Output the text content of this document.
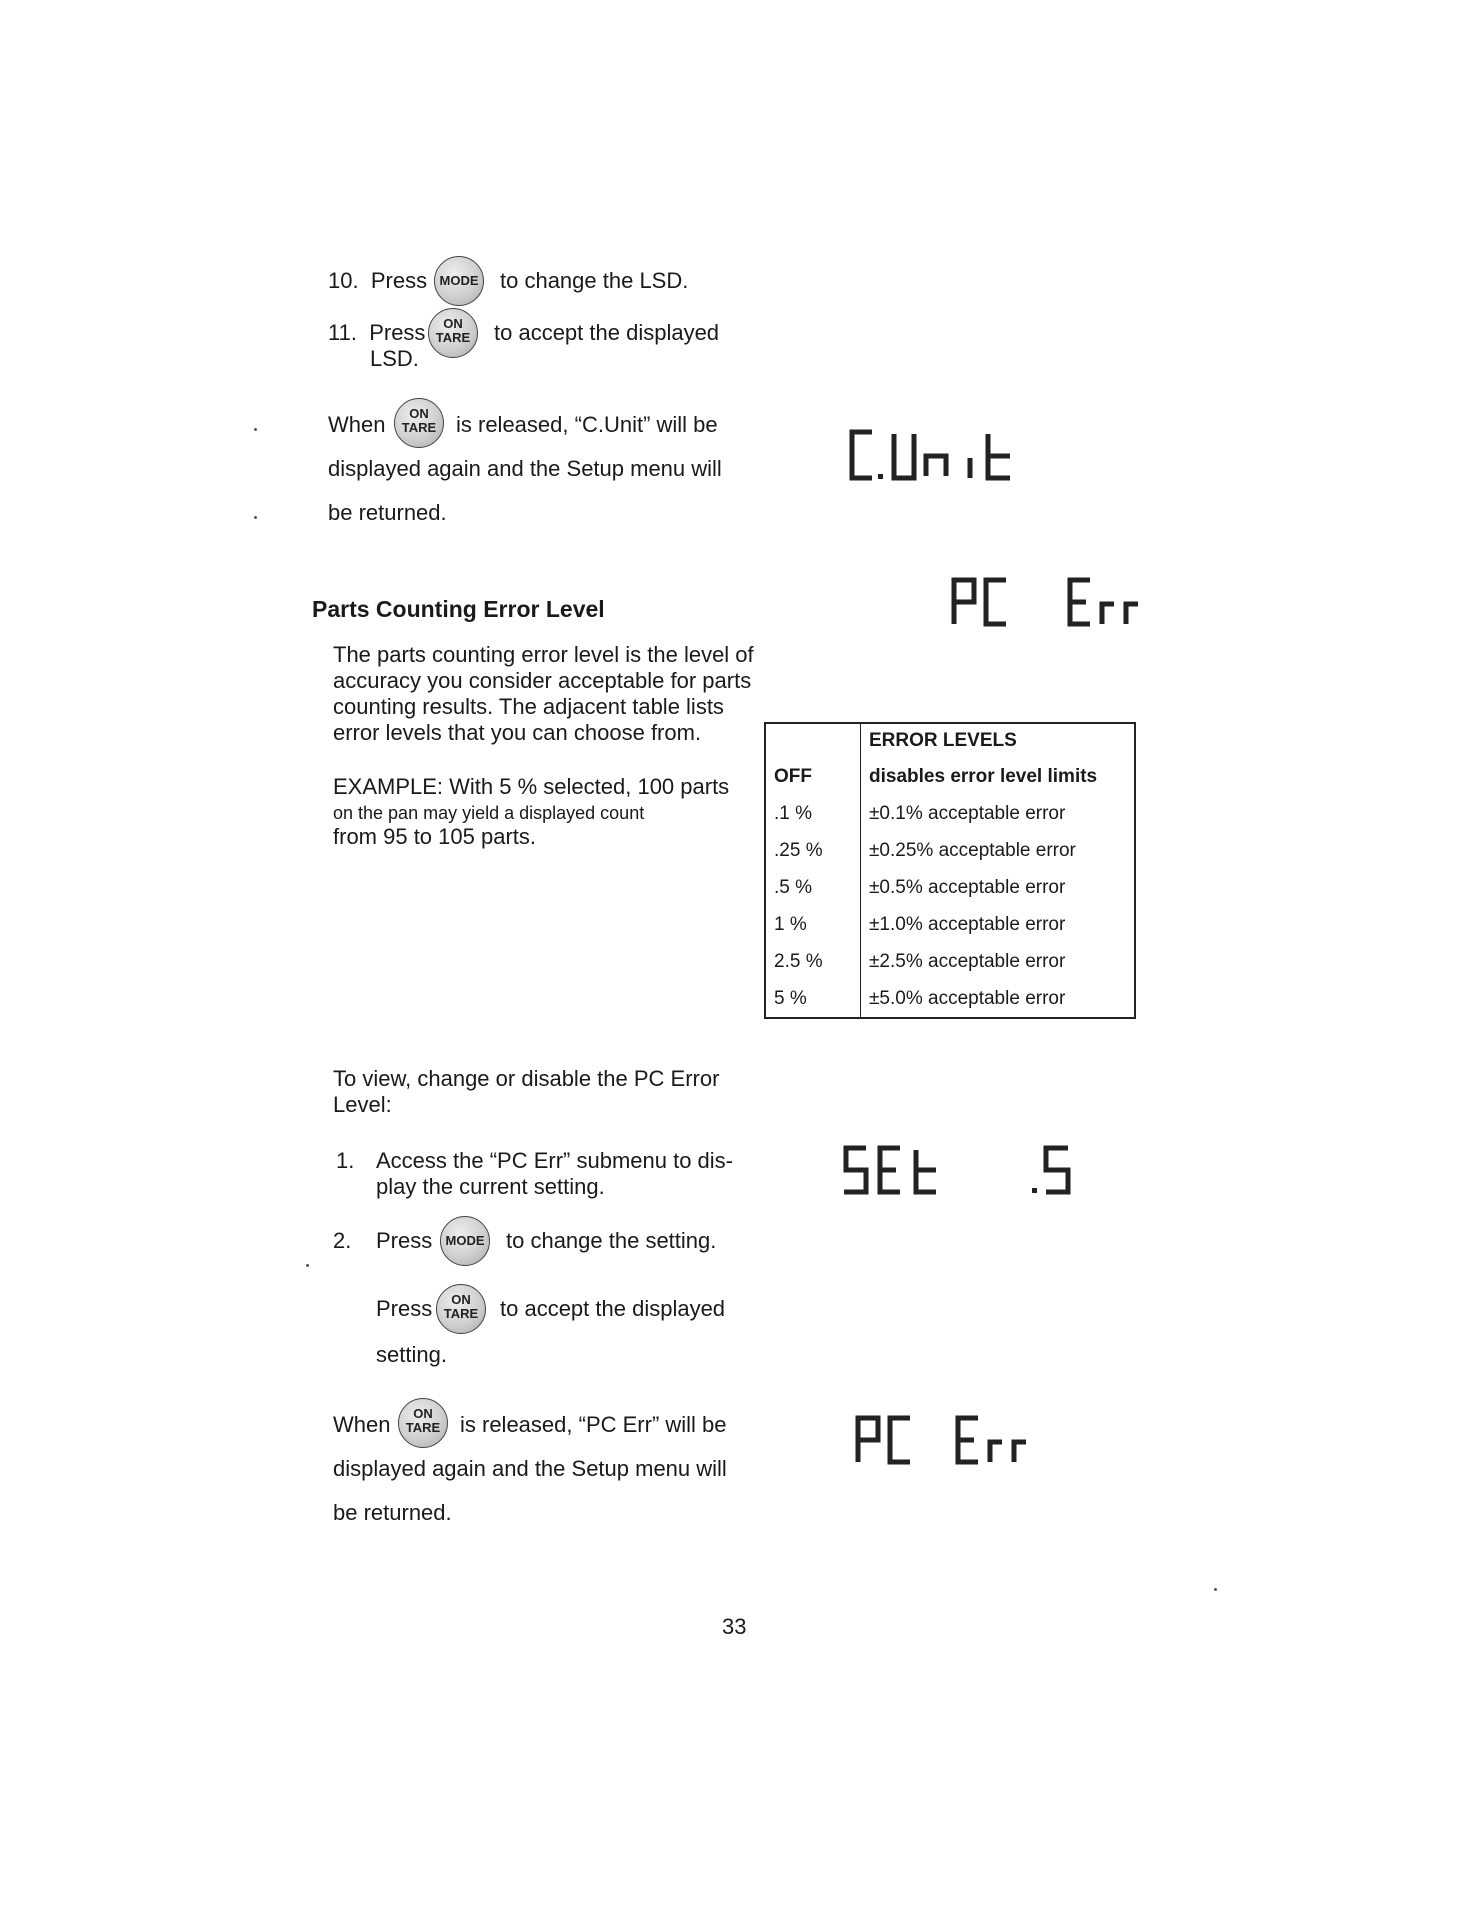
10. Press MODE to change the LSD.
11. Press	ON
TARE	to accept the displayed
LSD.
When	ON
TARE is released, “C.Unit” will be
displayed again and the Setup menu will
be returned.
C.Unit
Parts Counting Error Level
The parts counting error level is the level of
accuracy you consider acceptable for parts
counting results. The adjacent table lists
error levels that you can choose from.
EXAMPLE: With 5 % selected, 100 parts
on the pan may yield a displayed count
from 95 to 105 parts.
	ERROR LEVELS
OFF	disables error level limits
.1 %	±0.1% acceptable error
.25 %	±0.25% acceptable error
.5 %	±0.5% acceptable error
1 %	±1.0% acceptable error
2.5 %	±2.5% acceptable error
5 %	±5.0% acceptable error
To view, change or disable the PC Error
Level:
1. Access the “PC Err” submenu to dis-
play the current setting.
2. Press	MODE to change the setting.
Press	ON
TARE to accept the displayed
setting.
When	ON
TARE is released, “PC Err” will be
displayed again and the Setup menu will
be returned.
33
